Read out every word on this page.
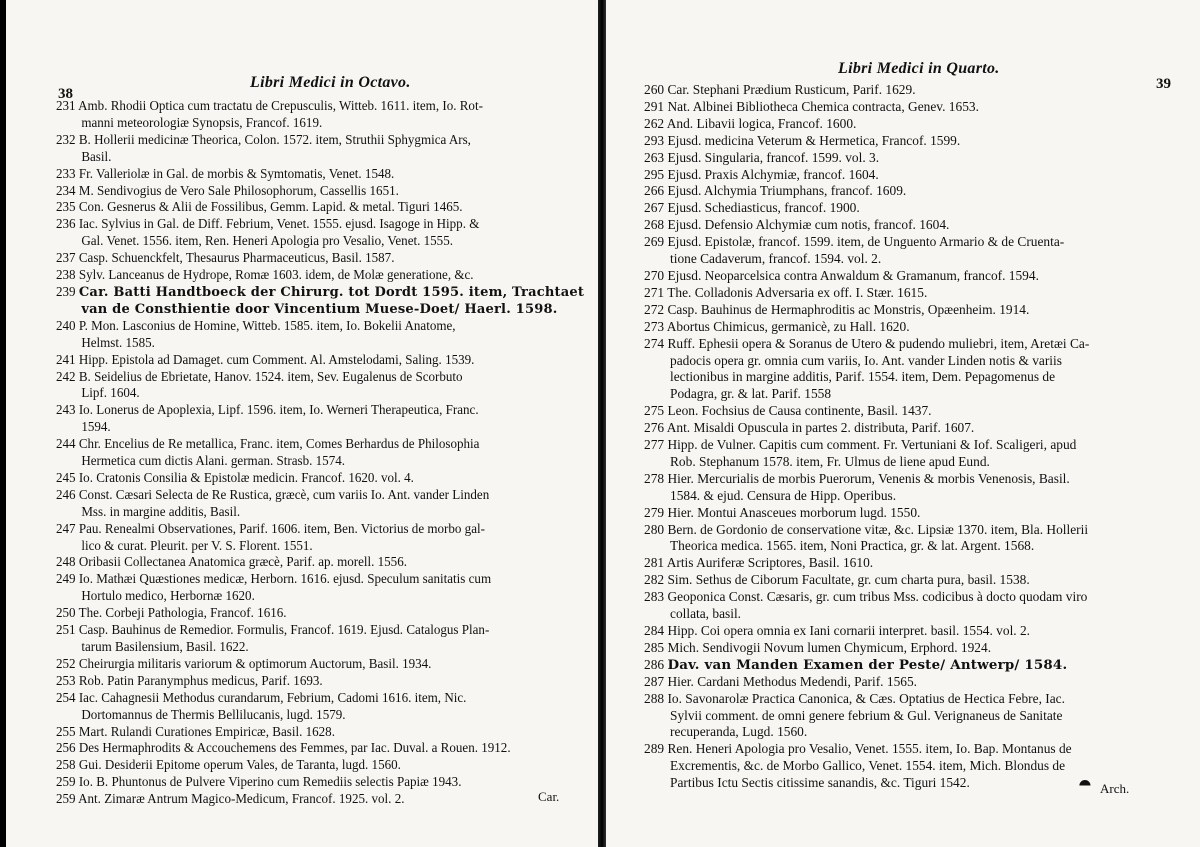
38
Libri Medici in Octavo.
231 Amb. Rhodii Optica cum tractatu de Crepusculis, Witteb. 1611. item, Io. Rot-
manni meteorologiæ Synopsis, Francof. 1619.
232 B. Hollerii medicinæ Theorica, Colon. 1572. item, Struthii Sphygmica Ars,
Basil.
233 Fr. Valleriolæ in Gal. de morbis & Symtomatis, Venet. 1548.
234 M. Sendivogius de Vero Sale Philosophorum, Cassellis 1651.
235 Con. Gesnerus & Alii de Fossilibus, Gemm. Lapid. & metal. Tiguri 1465.
236 Iac. Sylvius in Gal. de Diff. Febrium, Venet. 1555. ejusd. Isagoge in Hipp. &
Gal. Venet. 1556. item, Ren. Heneri Apologia pro Vesalio, Venet. 1555.
237 Casp. Schuenckfelt, Thesaurus Pharmaceuticus, Basil. 1587.
238 Sylv. Lanceanus de Hydrope, Romæ 1603. idem, de Molæ generatione, &c.
239 Car. Batti Handtboeck der Chirurg. tot Dordt 1595. item, Trachtaet
van de Consthientie door Vincentium Muese-Doet/ Haerl. 1598.
240 P. Mon. Lasconius de Homine, Witteb. 1585. item, Io. Bokelii Anatome,
Helmst. 1585.
241 Hipp. Epistola ad Damaget. cum Comment. Al. Amstelodami, Saling. 1539.
242 B. Seidelius de Ebrietate, Hanov. 1524. item, Sev. Eugalenus de Scorbuto
Lipf. 1604.
243 Io. Lonerus de Apoplexia, Lipf. 1596. item, Io. Werneri Therapeutica, Franc.
1594.
244 Chr. Encelius de Re metallica, Franc. item, Comes Berhardus de Philosophia
Hermetica cum dictis Alani. german. Strasb. 1574.
245 Io. Cratonis Consilia & Epistolæ medicin. Francof. 1620. vol. 4.
246 Const. Cæsari Selecta de Re Rustica, græcè, cum variis Io. Ant. vander Linden
Mss. in margine additis, Basil.
247 Pau. Renealmi Observationes, Parif. 1606. item, Ben. Victorius de morbo gal-
lico & curat. Pleurit. per V. S. Florent. 1551.
248 Oribasii Collectanea Anatomica græcè, Parif. ap. morell. 1556.
249 Io. Mathæi Quæstiones medicæ, Herborn. 1616. ejusd. Speculum sanitatis cum
Hortulo medico, Herbornæ 1620.
250 The. Corbeji Pathologia, Francof. 1616.
251 Casp. Bauhinus de Remedior. Formulis, Francof. 1619. Ejusd. Catalogus Plan-
tarum Basilensium, Basil. 1622.
252 Cheirurgia militaris variorum & optimorum Auctorum, Basil. 1934.
253 Rob. Patin Paranymphus medicus, Parif. 1693.
254 Iac. Cahagnesii Methodus curandarum, Febrium, Cadomi 1616. item, Nic.
Dortomannus de Thermis Bellilucanis, lugd. 1579.
255 Mart. Rulandi Curationes Empiricæ, Basil. 1628.
256 Des Hermaphrodits & Accouchemens des Femmes, par Iac. Duval. a Rouen. 1912.
258 Gui. Desiderii Epitome operum Vales, de Taranta, lugd. 1560.
259 Io. B. Phuntonus de Pulvere Viperino cum Remediis selectis Papiæ 1943.
259 Ant. Zimaræ Antrum Magico-Medicum, Francof. 1925. vol. 2.	Car.
39
Libri Medici in Quarto.
260 Car. Stephani Prædium Rusticum, Parif. 1629.
291 Nat. Albinei Bibliotheca Chemica contracta, Genev. 1653.
262 And. Libavii logica, Francof. 1600.
293 Ejusd. medicina Veterum & Hermetica, Francof. 1599.
263 Ejusd. Singularia, francof. 1599. vol. 3.
295 Ejusd. Praxis Alchymiæ, francof. 1604.
266 Ejusd. Alchymia Triumphans, francof. 1609.
267 Ejusd. Schediasticus, francof. 1900.
268 Ejusd. Defensio Alchymiæ cum notis, francof. 1604.
269 Ejusd. Epistolæ, francof. 1599. item, de Unguento Armario & de Cruenta-
tione Cadaverum, francof. 1594. vol. 2.
270 Ejusd. Neoparcelsica contra Anwaldum & Gramanum, francof. 1594.
271 The. Colladonis Adversaria ex off. I. Stær. 1615.
272 Casp. Bauhinus de Hermaphroditis ac Monstris, Opæenheim. 1914.
273 Abortus Chimicus, germanicè, zu Hall. 1620.
274 Ruff. Ephesii opera & Soranus de Utero & pudendo muliebri, item, Aretæi Ca-
padocis opera gr. omnia cum variis, Io. Ant. vander Linden notis & variis
lectionibus in margine additis, Parif. 1554. item, Dem. Pepagomenus de
Podagra, gr. & lat. Parif. 1558
275 Leon. Fochsius de Causa continente, Basil. 1437.
276 Ant. Misaldi Opuscula in partes 2. distributa, Parif. 1607.
277 Hipp. de Vulner. Capitis cum comment. Fr. Vertuniani & Iof. Scaligeri, apud
Rob. Stephanum 1578. item, Fr. Ulmus de liene apud Eund.
278 Hier. Mercurialis de morbis Puerorum, Venenis & morbis Venenosis, Basil.
1584. & ejud. Censura de Hipp. Operibus.
279 Hier. Montui Anasceues morborum lugd. 1550.
280 Bern. de Gordonio de conservatione vitæ, &c. Lipsiæ 1370. item, Bla. Hollerii
Theorica medica. 1565. item, Noni Practica, gr. & lat. Argent. 1568.
281 Artis Auriferæ Scriptores, Basil. 1610.
282 Sim. Sethus de Ciborum Facultate, gr. cum charta pura, basil. 1538.
283 Geoponica Const. Cæsaris, gr. cum tribus Mss. codicibus à docto quodam viro
collata, basil.
284 Hipp. Coi opera omnia ex Iani cornarii interpret. basil. 1554. vol. 2.
285 Mich. Sendivogii Novum lumen Chymicum, Erphord. 1924.
286 Dav. van Manden Examen der Peste/ Antwerp/ 1584.
287 Hier. Cardani Methodus Medendi, Parif. 1565.
288 Io. Savonarolæ Practica Canonica, & Cæs. Optatius de Hectica Febre, Iac.
Sylvii comment. de omni genere febrium & Gul. Verignaneus de Sanitate
recuperanda, Lugd. 1560.
289 Ren. Heneri Apologia pro Vesalio, Venet. 1555. item, Io. Bap. Montanus de
Excrementis, &c. de Morbo Gallico, Venet. 1554. item, Mich. Blondus de
Partibus Ictu Sectis citissime sanandis, &c. Tiguri 1542.	⯊ Arch.
